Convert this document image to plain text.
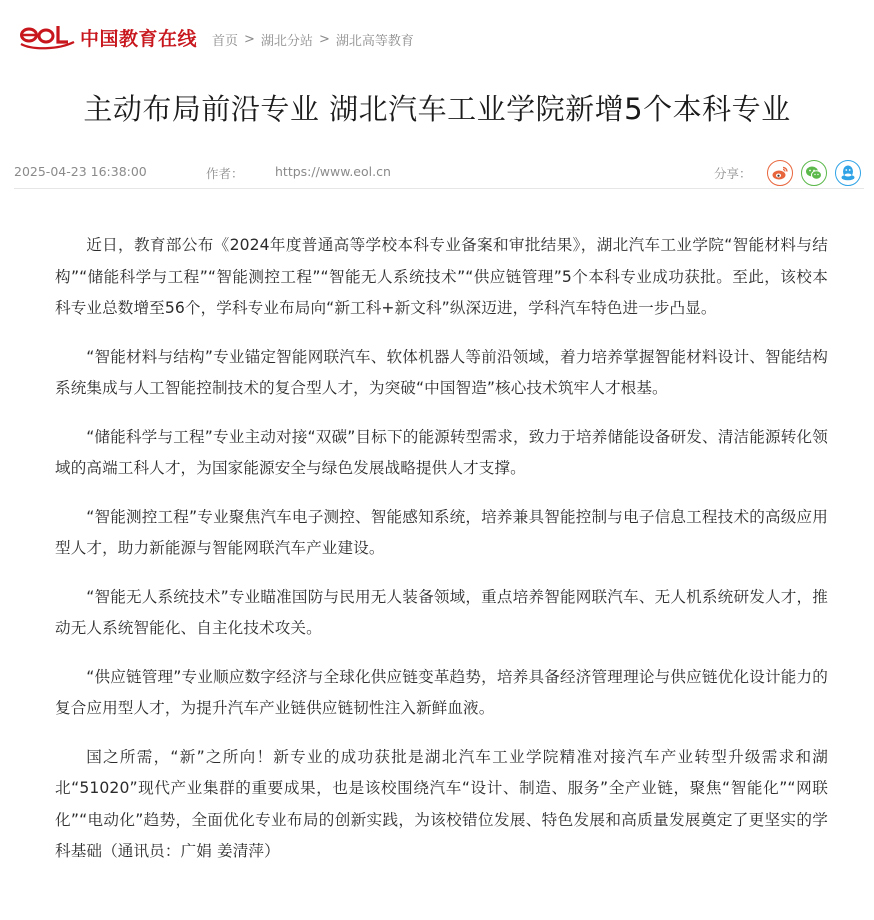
中国教育在线 首页 > 湖北分站 > 湖北高等教育
主动布局前沿专业 湖北汽车工业学院新增5个本科专业
2025-04-23 16:38:00	作者：	https://www.eol.cn	分享：

近日，教育部公布《2024年度普通高等学校本科专业备案和审批结果》，湖北汽车工业学院“智能材料与结构”“储能科学与工程”“智能测控工程”“智能无人系统技术”“供应链管理”5个本科专业成功获批。至此，该校本科专业总数增至56个，学科专业布局向“新工科+新文科”纵深迈进，学科汽车特色进一步凸显。

“智能材料与结构”专业锚定智能网联汽车、软体机器人等前沿领域，着力培养掌握智能材料设计、智能结构系统集成与人工智能控制技术的复合型人才，为突破“中国智造”核心技术筑牢人才根基。

“储能科学与工程”专业主动对接“双碳”目标下的能源转型需求，致力于培养储能设备研发、清洁能源转化领域的高端工科人才，为国家能源安全与绿色发展战略提供人才支撑。

“智能测控工程”专业聚焦汽车电子测控、智能感知系统，培养兼具智能控制与电子信息工程技术的高级应用型人才，助力新能源与智能网联汽车产业建设。

“智能无人系统技术”专业瞄准国防与民用无人装备领域，重点培养智能网联汽车、无人机系统研发人才，推动无人系统智能化、自主化技术攻关。

“供应链管理”专业顺应数字经济与全球化供应链变革趋势，培养具备经济管理理论与供应链优化设计能力的复合应用型人才，为提升汽车产业链供应链韧性注入新鲜血液。

国之所需，“新”之所向！新专业的成功获批是湖北汽车工业学院精准对接汽车产业转型升级需求和湖北“51020”现代产业集群的重要成果，也是该校围绕汽车“设计、制造、服务”全产业链，聚焦“智能化”“网联化”“电动化”趋势，全面优化专业布局的创新实践，为该校错位发展、特色发展和高质量发展奠定了更坚实的学科基础（通讯员：广娟 姜清萍）
